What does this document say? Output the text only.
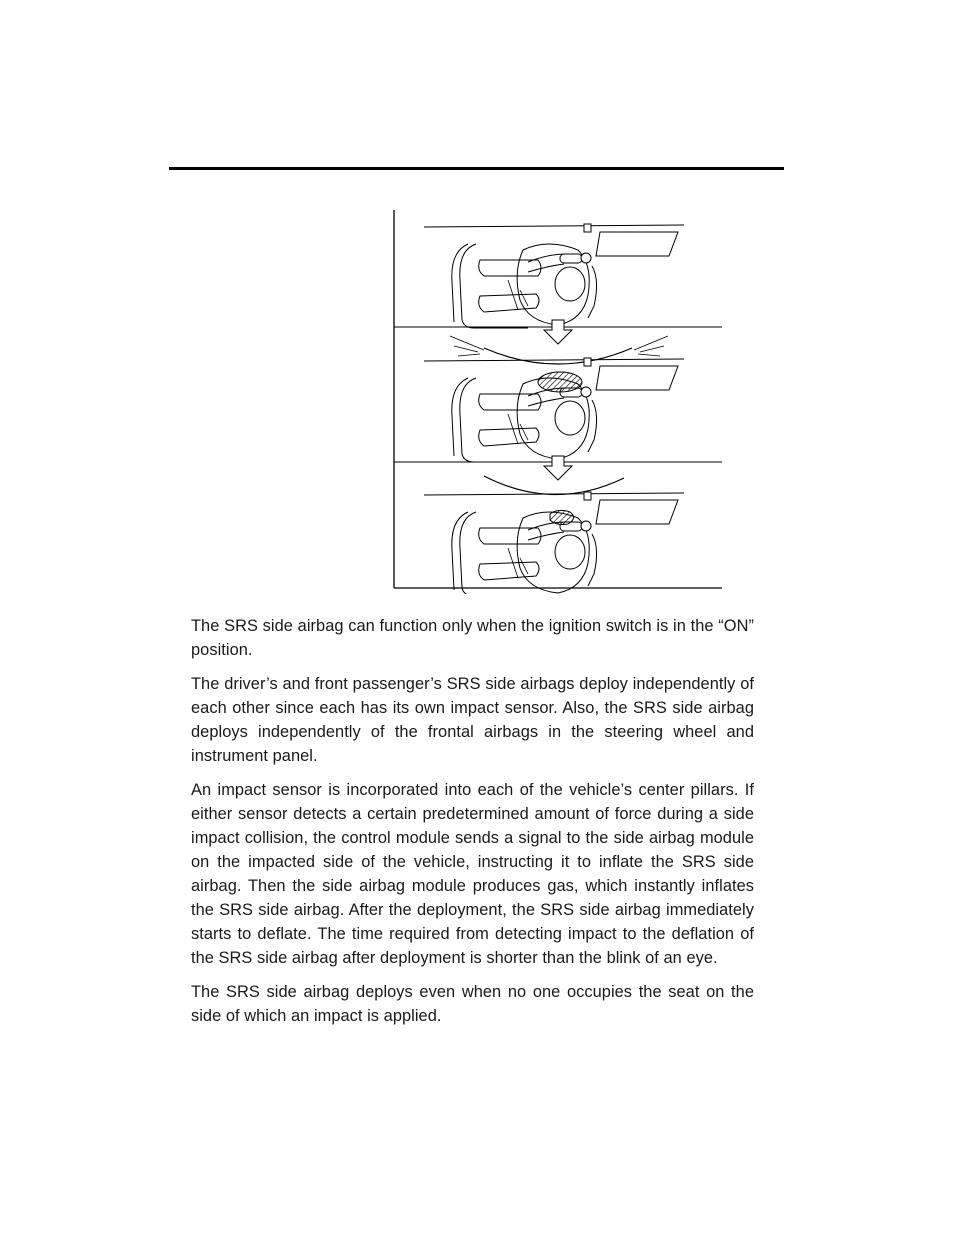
The SRS side airbag can function only when the ignition switch is in the “ON” position.

The driver’s and front passenger’s SRS side airbags deploy independently of each other since each has its own impact sensor. Also, the SRS side airbag deploys independently of the frontal airbags in the steering wheel and instrument panel.

An impact sensor is incorporated into each of the vehicle’s center pillars. If either sensor detects a certain predetermined amount of force during a side impact collision, the control module sends a signal to the side airbag module on the impacted side of the vehicle, instructing it to inflate the SRS side airbag. Then the side airbag module produces gas, which instantly inflates the SRS side airbag. After the deployment, the SRS side airbag immediately starts to deflate. The time required from detecting impact to the deflation of the SRS side airbag after deployment is shorter than the blink of an eye.

The SRS side airbag deploys even when no one occupies the seat on the side of which an impact is applied.
